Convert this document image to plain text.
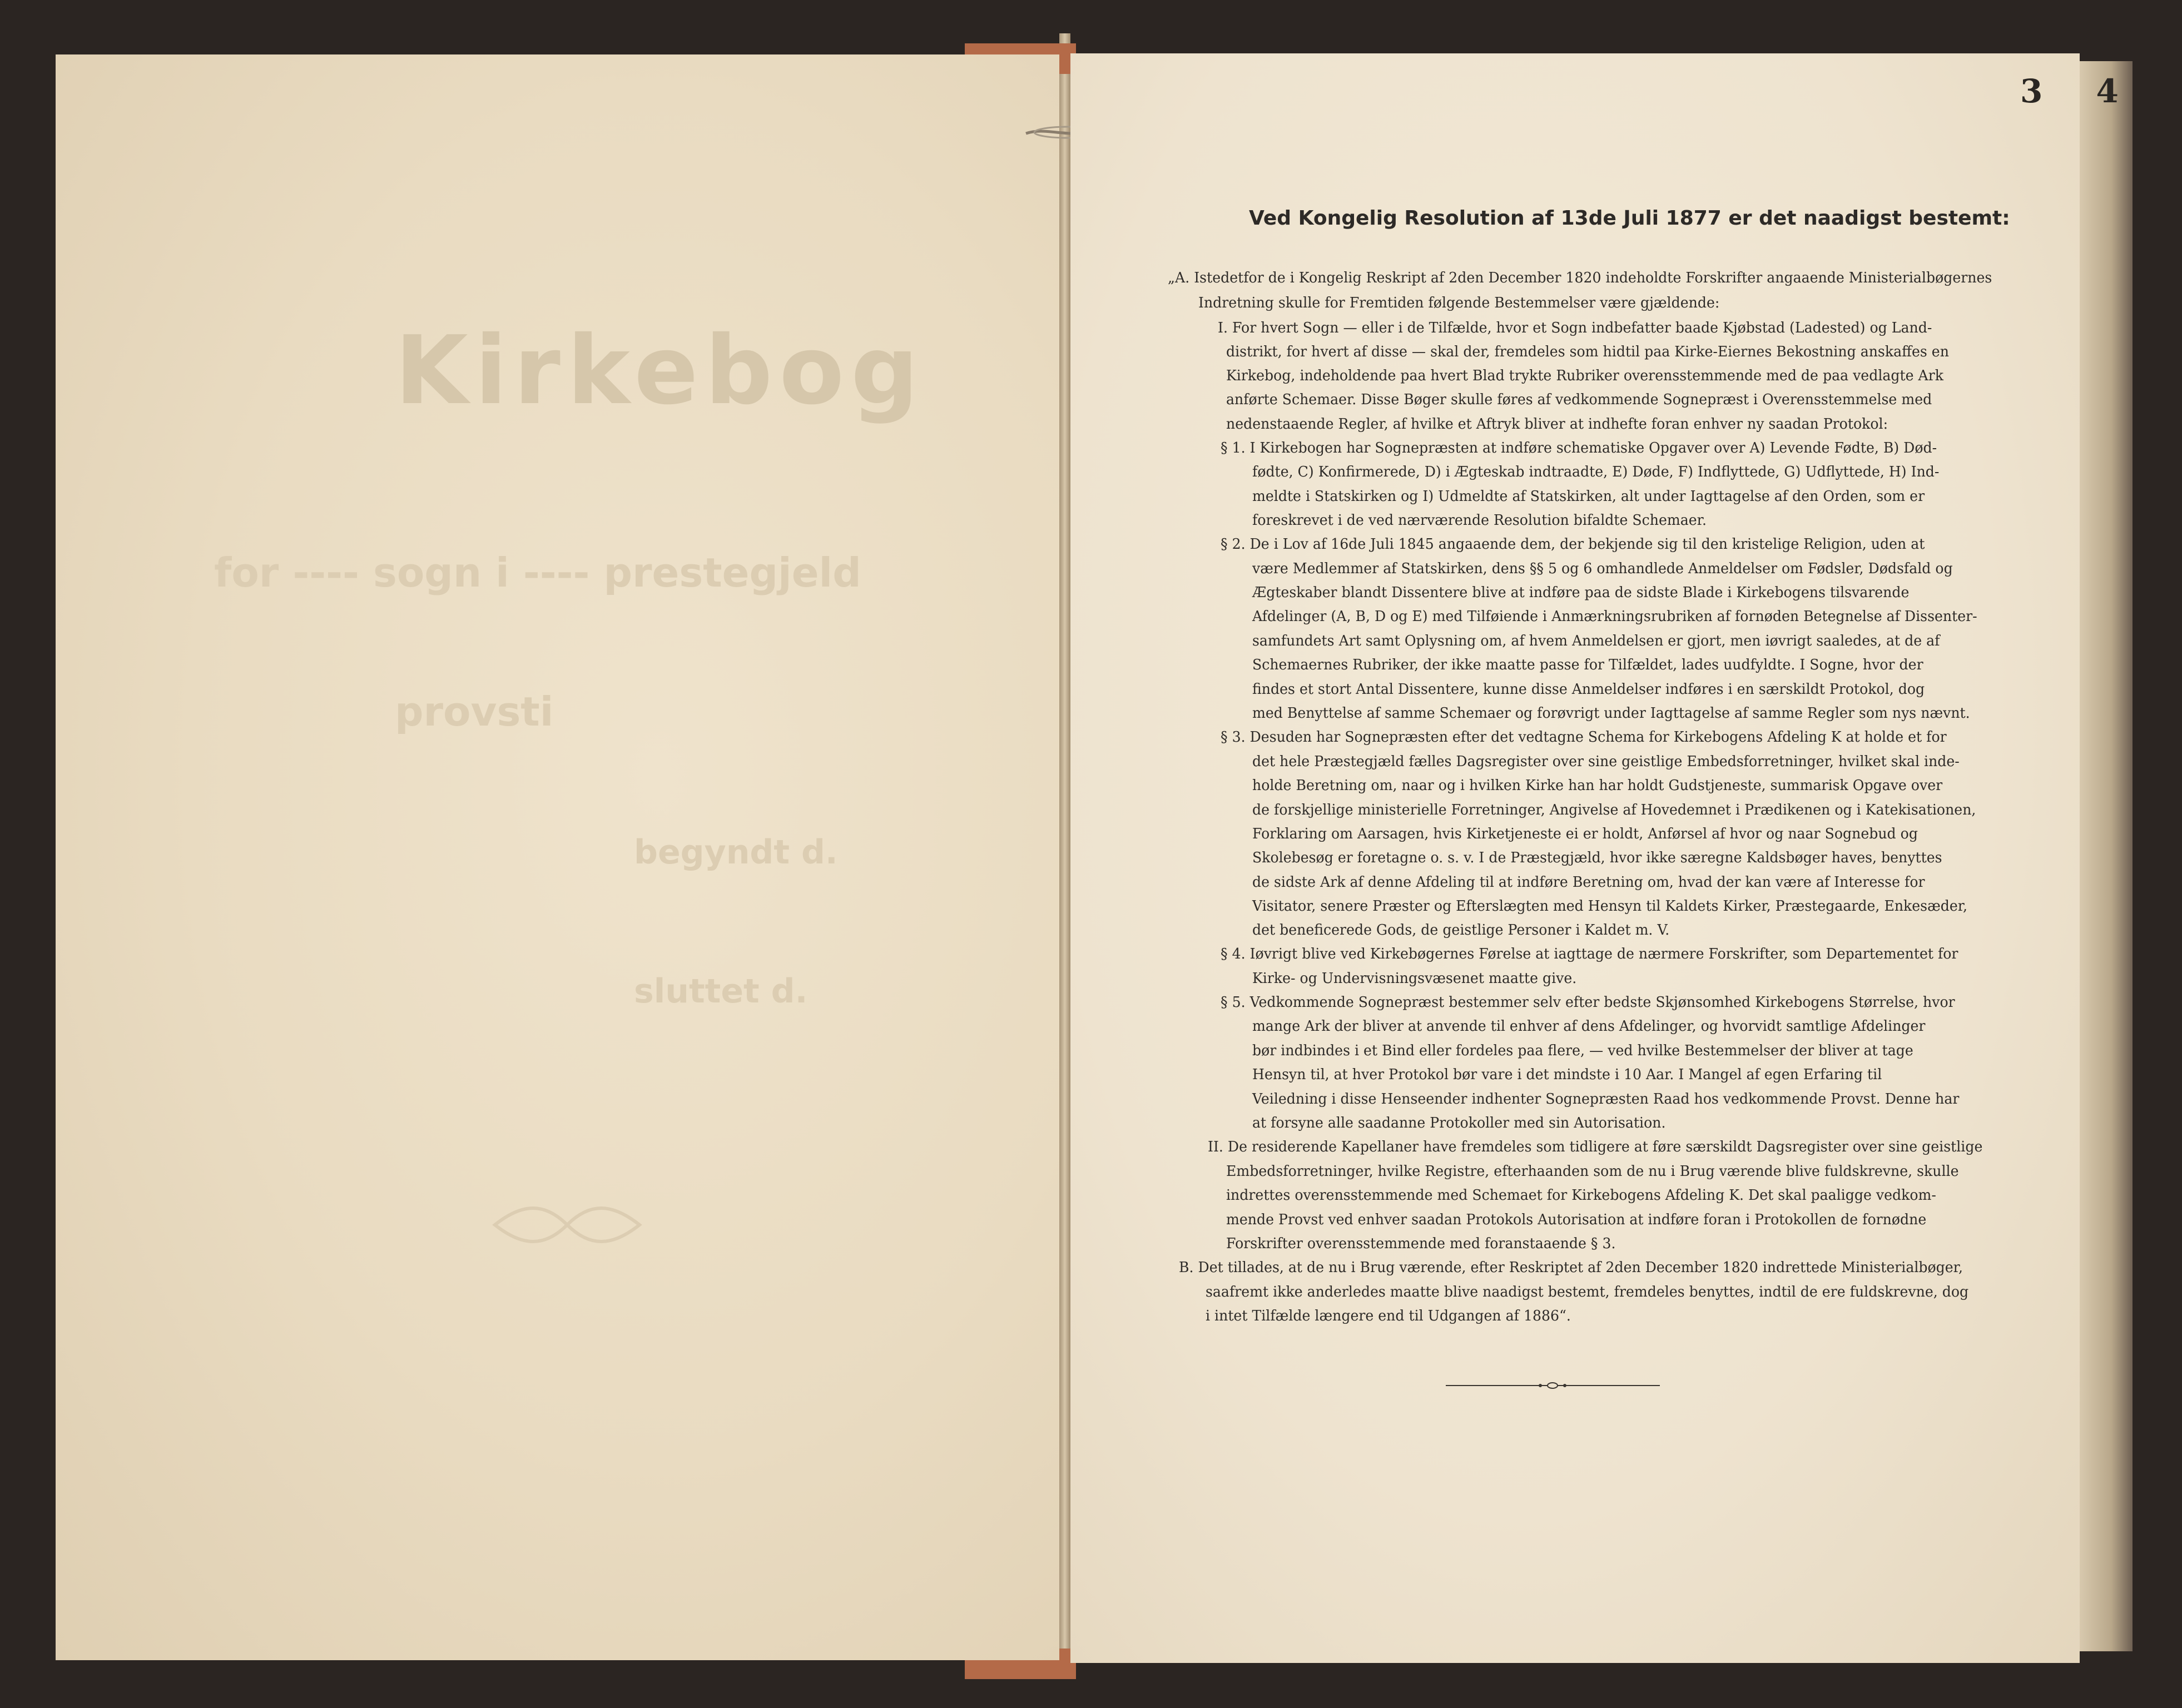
Kirkebog
for ---- sogn i ---- prestegjeld
provsti
begyndt d.
sluttet d.
3 4
Ved Kongelig Resolution af 13de Juli 1877 er det naadigst bestemt:
„A. Istedetfor de i Kongelig Reskript af 2den December 1820 indeholdte Forskrifter angaaende Ministerialbøgernes
Indretning skulle for Fremtiden følgende Bestemmelser være gjældende:
I. For hvert Sogn — eller i de Tilfælde, hvor et Sogn indbefatter baade Kjøbstad (Ladested) og Land-
distrikt, for hvert af disse — skal der, fremdeles som hidtil paa Kirke-Eiernes Bekostning anskaffes en
Kirkebog, indeholdende paa hvert Blad trykte Rubriker overensstemmende med de paa vedlagte Ark
anførte Schemaer. Disse Bøger skulle føres af vedkommende Sognepræst i Overensstemmelse med
nedenstaaende Regler, af hvilke et Aftryk bliver at indhefte foran enhver ny saadan Protokol:
§ 1. I Kirkebogen har Sognepræsten at indføre schematiske Opgaver over A) Levende Fødte, B) Død-
fødte, C) Konfirmerede, D) i Ægteskab indtraadte, E) Døde, F) Indflyttede, G) Udflyttede, H) Ind-
meldte i Statskirken og I) Udmeldte af Statskirken, alt under Iagttagelse af den Orden, som er
foreskrevet i de ved nærværende Resolution bifaldte Schemaer.
§ 2. De i Lov af 16de Juli 1845 angaaende dem, der bekjende sig til den kristelige Religion, uden at
være Medlemmer af Statskirken, dens §§ 5 og 6 omhandlede Anmeldelser om Fødsler, Dødsfald og
Ægteskaber blandt Dissentere blive at indføre paa de sidste Blade i Kirkebogens tilsvarende
Afdelinger (A, B, D og E) med Tilføiende i Anmærkningsrubriken af fornøden Betegnelse af Dissenter-
samfundets Art samt Oplysning om, af hvem Anmeldelsen er gjort, men iøvrigt saaledes, at de af
Schemaernes Rubriker, der ikke maatte passe for Tilfældet, lades uudfyldte. I Sogne, hvor der
findes et stort Antal Dissentere, kunne disse Anmeldelser indføres i en særskildt Protokol, dog
med Benyttelse af samme Schemaer og forøvrigt under Iagttagelse af samme Regler som nys nævnt.
§ 3. Desuden har Sognepræsten efter det vedtagne Schema for Kirkebogens Afdeling K at holde et for
det hele Præstegjæld fælles Dagsregister over sine geistlige Embedsforretninger, hvilket skal inde-
holde Beretning om, naar og i hvilken Kirke han har holdt Gudstjeneste, summarisk Opgave over
de forskjellige ministerielle Forretninger, Angivelse af Hovedemnet i Prædikenen og i Katekisationen,
Forklaring om Aarsagen, hvis Kirketjeneste ei er holdt, Anførsel af hvor og naar Sognebud og
Skolebesøg er foretagne o. s. v. I de Præstegjæld, hvor ikke særegne Kaldsbøger haves, benyttes
de sidste Ark af denne Afdeling til at indføre Beretning om, hvad der kan være af Interesse for
Visitator, senere Præster og Efterslægten med Hensyn til Kaldets Kirker, Præstegaarde, Enkesæder,
det beneficerede Gods, de geistlige Personer i Kaldet m. V.
§ 4. Iøvrigt blive ved Kirkebøgernes Førelse at iagttage de nærmere Forskrifter, som Departementet for
Kirke- og Undervisningsvæsenet maatte give.
§ 5. Vedkommende Sognepræst bestemmer selv efter bedste Skjønsomhed Kirkebogens Størrelse, hvor
mange Ark der bliver at anvende til enhver af dens Afdelinger, og hvorvidt samtlige Afdelinger
bør indbindes i et Bind eller fordeles paa flere, — ved hvilke Bestemmelser der bliver at tage
Hensyn til, at hver Protokol bør vare i det mindste i 10 Aar. I Mangel af egen Erfaring til
Veiledning i disse Henseender indhenter Sognepræsten Raad hos vedkommende Provst. Denne har
at forsyne alle saadanne Protokoller med sin Autorisation.
II. De residerende Kapellaner have fremdeles som tidligere at føre særskildt Dagsregister over sine geistlige
Embedsforretninger, hvilke Registre, efterhaanden som de nu i Brug værende blive fuldskrevne, skulle
indrettes overensstemmende med Schemaet for Kirkebogens Afdeling K. Det skal paaligge vedkom-
mende Provst ved enhver saadan Protokols Autorisation at indføre foran i Protokollen de fornødne
Forskrifter overensstemmende med foranstaaende § 3.
B. Det tillades, at de nu i Brug værende, efter Reskriptet af 2den December 1820 indrettede Ministerialbøger,
saafremt ikke anderledes maatte blive naadigst bestemt, fremdeles benyttes, indtil de ere fuldskrevne, dog
i intet Tilfælde længere end til Udgangen af 1886“.
